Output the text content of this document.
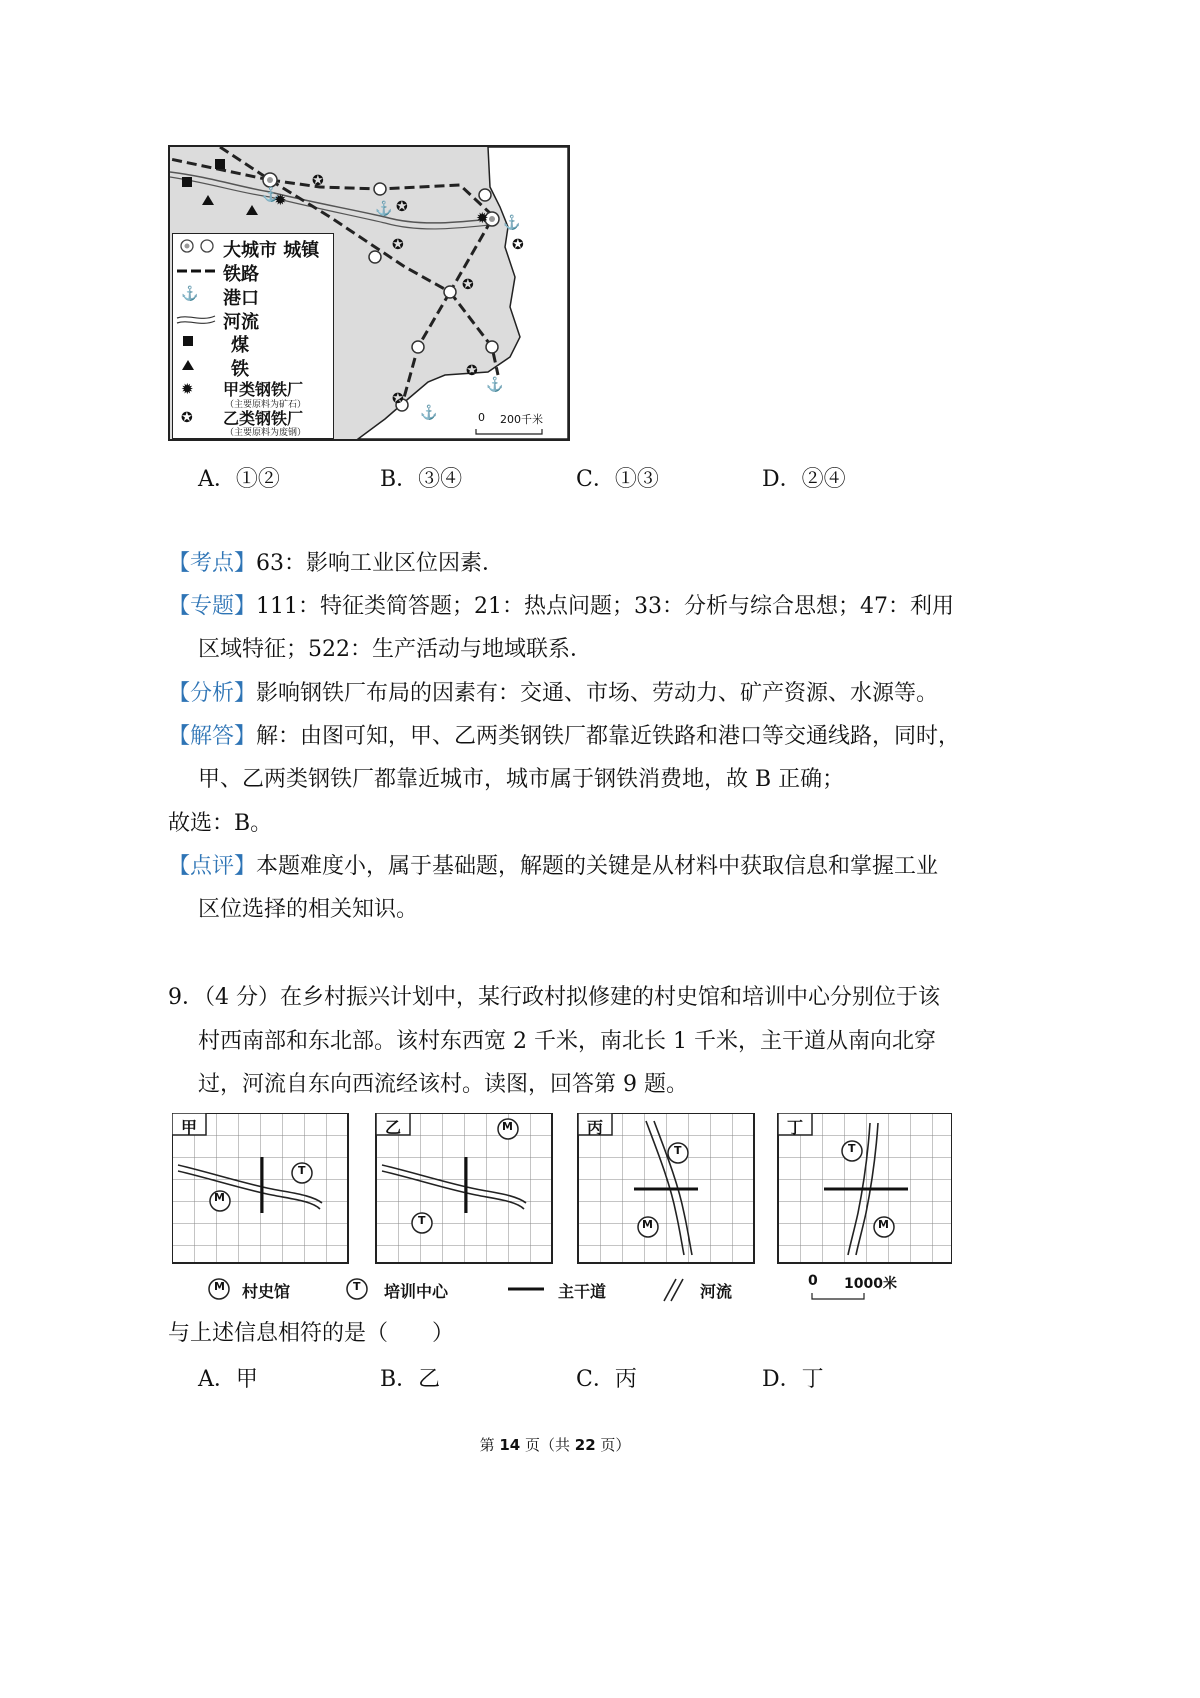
⚓
⚓
⚓
⚓
⚓
✹
✹
✪
✪
✪	✪
✪
✪
✪
0 200千米
⚓
✹
✪
大城市 城镇
铁路
港口
河流
煤
铁
甲类钢铁厂
（主要原料为矿石）
乙类钢铁厂
（主要原料为废钢）
A．①②	B．③④	C．①③	D．②④
【考点】63：影响工业区位因素．
【专题】111：特征类简答题；21：热点问题；33：分析与综合思想；47：利用
区域特征；522：生产活动与地域联系．
【分析】影响钢铁厂布局的因素有：交通、市场、劳动力、矿产资源、水源等。
【解答】解：由图可知，甲、乙两类钢铁厂都靠近铁路和港口等交通线路，同时，
甲、乙两类钢铁厂都靠近城市，城市属于钢铁消费地，故 B 正确；
故选：B。
【点评】本题难度小，属于基础题，解题的关键是从材料中获取信息和掌握工业
区位选择的相关知识。
9．（4 分）在乡村振兴计划中，某行政村拟修建的村史馆和培训中心分别位于该
村西南部和东北部。该村东西宽 2 千米，南北长 1 千米，主干道从南向北穿
过，河流自东向西流经该村。读图，回答第 9 题。
甲	乙	丙	丁
M
T
M
T
T
M
T
M
M	T
村史馆	培训中心	主干道	河流
0 1000米
与上述信息相符的是（　　）
A．甲	B．乙	C．丙	D．丁
第 14 页（共 22 页）
